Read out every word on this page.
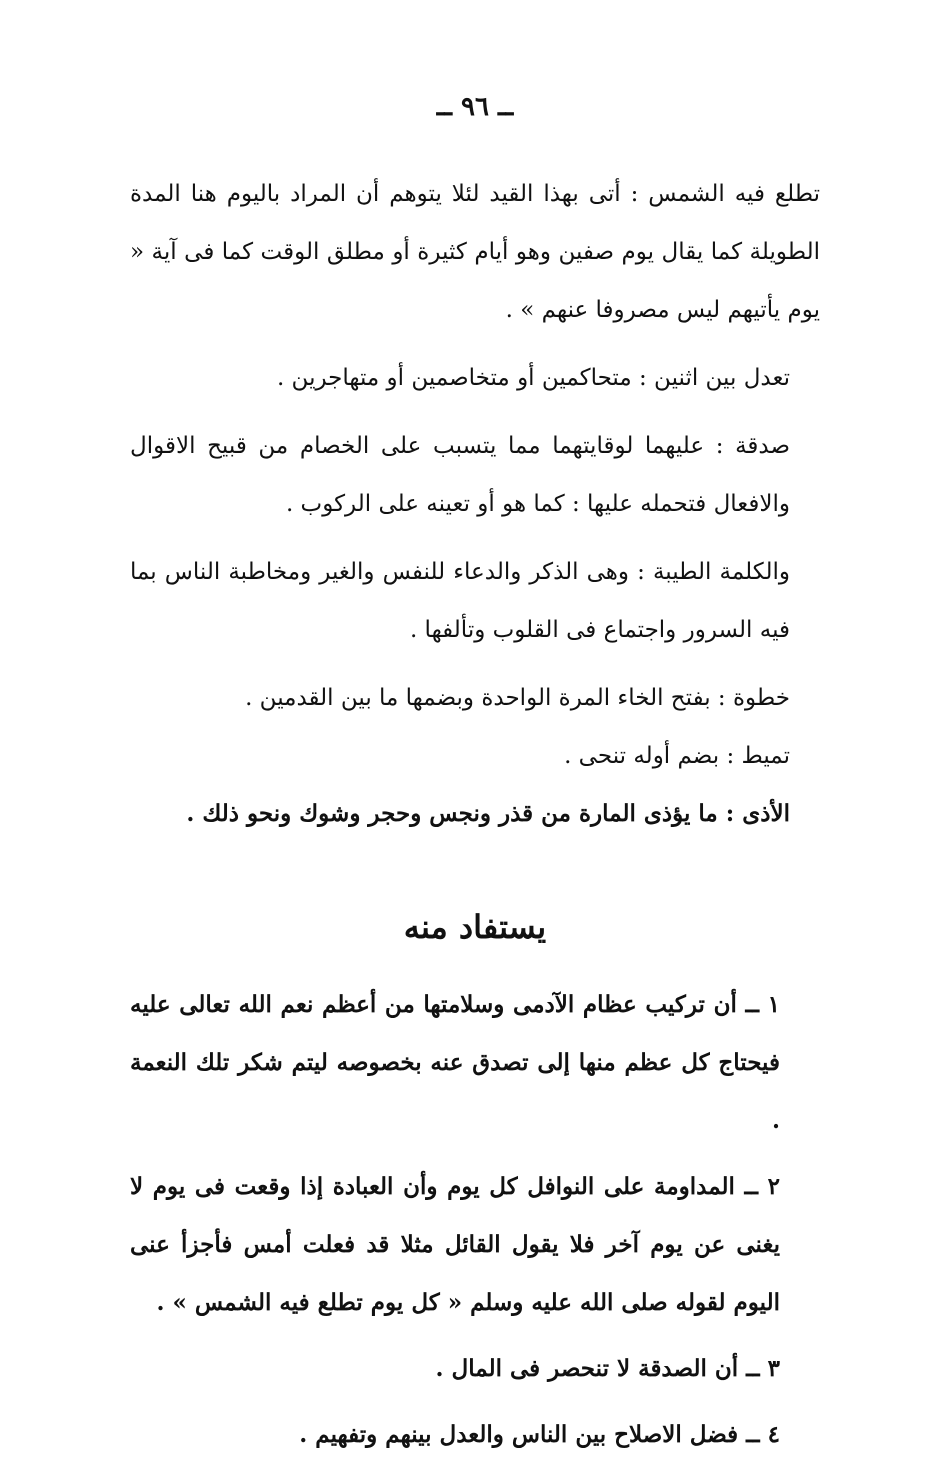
ــ ٩٦ ــ

تطلع فيه الشمس : أتى بهذا القيد لئلا يتوهم أن المراد باليوم هنا المدة الطويلة كما يقال يوم صفين وهو أيام كثيرة أو مطلق الوقت كما فى آية « يوم يأتيهم ليس مصروفا عنهم » .

تعدل بين اثنين : متحاكمين أو متخاصمين أو متهاجرين .

صدقة : عليهما لوقايتهما مما يتسبب على الخصام من قبيح الاقوال والافعال فتحمله عليها : كما هو أو تعينه على الركوب .

والكلمة الطيبة : وهى الذكر والدعاء للنفس والغير ومخاطبة الناس بما فيه السرور واجتماع فى القلوب وتألفها .

خطوة : بفتح الخاء المرة الواحدة وبضمها ما بين القدمين .

تميط : بضم أوله تنحى .

الأذى : ما يؤذى المارة من قذر ونجس وحجر وشوك ونحو ذلك .

يستفاد منه

١ ــ أن تركيب عظام الآدمى وسلامتها من أعظم نعم الله تعالى عليه فيحتاج كل عظم منها إلى تصدق عنه بخصوصه ليتم شكر تلك النعمة .

٢ ــ المداومة على النوافل كل يوم وأن العبادة إذا وقعت فى يوم لا يغنى عن يوم آخر فلا يقول القائل مثلا قد فعلت أمس فأجزأ عنى اليوم لقوله صلى الله عليه وسلم « كل يوم تطلع فيه الشمس » .

٣ ــ أن الصدقة لا تنحصر فى المال .

٤ ــ فضل الاصلاح بين الناس والعدل بينهم وتفهيم .
